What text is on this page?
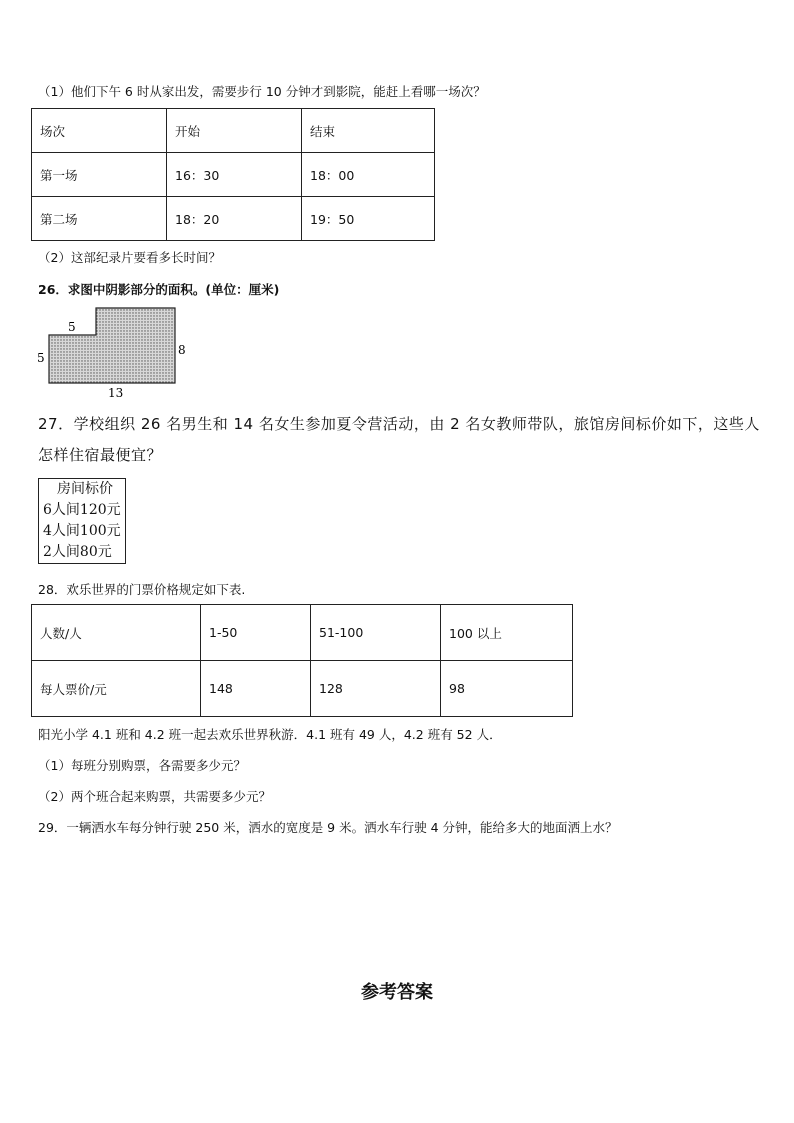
（1）他们下午 6 时从家出发，需要步行 10 分钟才到影院，能赶上看哪一场次？
场次	开始	结束
第一场	16：30	18：00
第二场	18：20	19：50
（2）这部纪录片要看多长时间？
26．求图中阴影部分的面积。(单位：厘米)
5
5
8
13
27．学校组织 26 名男生和 14 名女生参加夏令营活动，由 2 名女教师带队，旅馆房间标价如下，这些人
怎样住宿最便宜？
房间标价
6人间120元
4人间100元
2人间80元
28．欢乐世界的门票价格规定如下表.
人数/人	1-50	51-100	100 以上
每人票价/元	148	128	98
阳光小学 4.1 班和 4.2 班一起去欢乐世界秋游．4.1 班有 49 人，4.2 班有 52 人．
（1）每班分别购票，各需要多少元？
（2）两个班合起来购票，共需要多少元？
29．一辆洒水车每分钟行驶 250 米，洒水的宽度是 9 米。洒水车行驶 4 分钟，能给多大的地面洒上水？
参考答案
